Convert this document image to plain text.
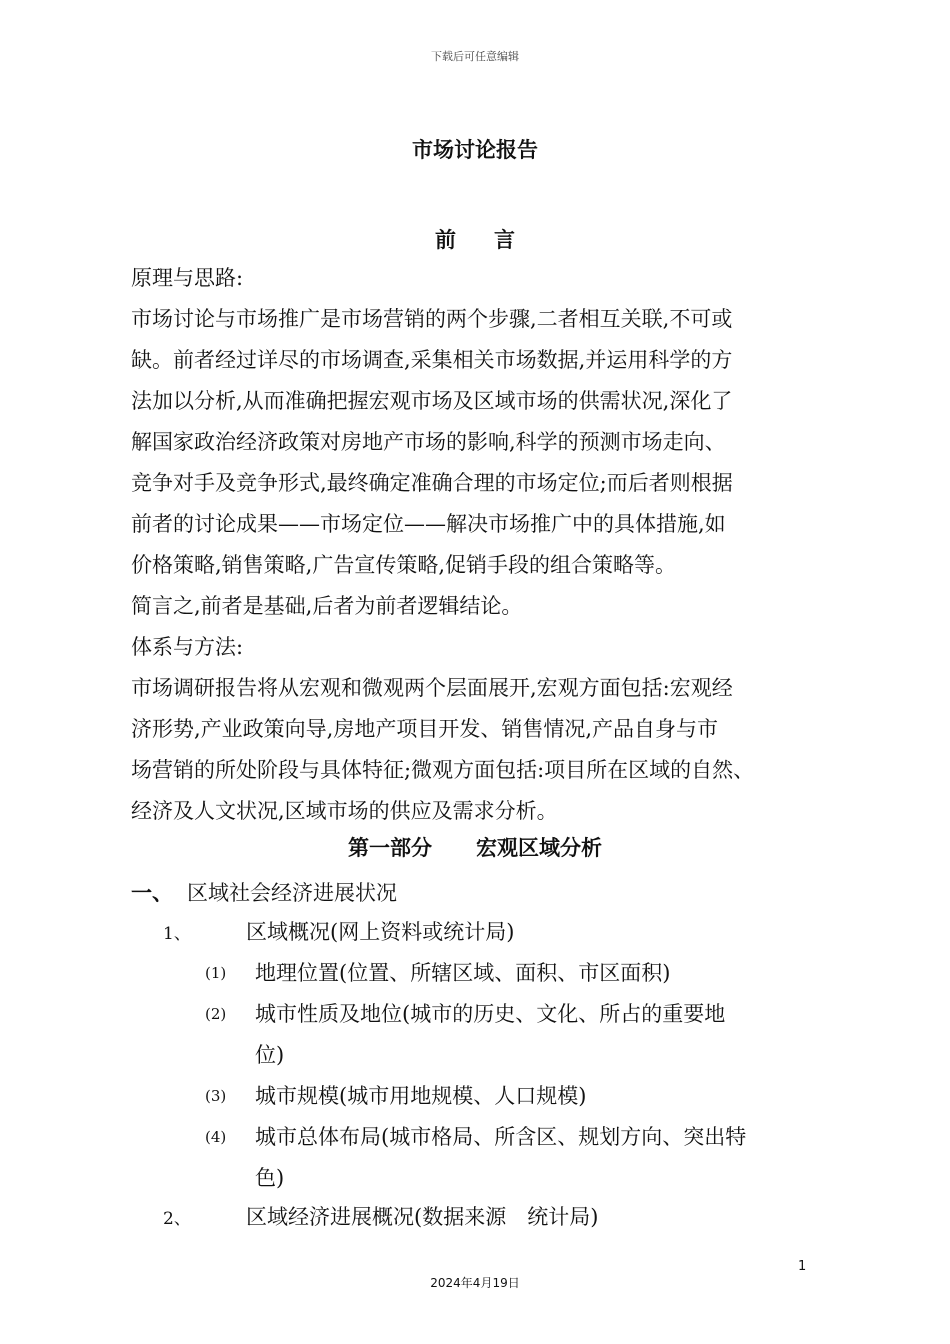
下载后可任意编辑
市场讨论报告
前 言

原理与思路:

市场讨论与市场推广是市场营销的两个步骤,二者相互关联,不可或

缺。前者经过详尽的市场调查,采集相关市场数据,并运用科学的方

法加以分析,从而准确把握宏观市场及区域市场的供需状况,深化了

解国家政治经济政策对房地产市场的影响,科学的预测市场走向、

竞争对手及竞争形式,最终确定准确合理的市场定位;而后者则根据

前者的讨论成果——市场定位——解决市场推广中的具体措施,如

价格策略,销售策略,广告宣传策略,促销手段的组合策略等。

简言之,前者是基础,后者为前者逻辑结论。

体系与方法:

市场调研报告将从宏观和微观两个层面展开,宏观方面包括:宏观经

济形势,产业政策向导,房地产项目开发、销售情况,产品自身与市

场营销的所处阶段与具体特征;微观方面包括:项目所在区域的自然、

经济及人文状况,区域市场的供应及需求分析。

第一部分 宏观区域分析
一、 区域社会经济进展状况
1、	区域概况(网上资料或统计局)
(1) 地理位置(位置、所辖区域、面积、市区面积)
(2) 城市性质及地位(城市的历史、文化、所占的重要地
位)
(3) 城市规模(城市用地规模、人口规模)
(4) 城市总体布局(城市格局、所含区、规划方向、突出特
色)
2、	区域经济进展概况(数据来源　统计局)
1
2024年4月19日
